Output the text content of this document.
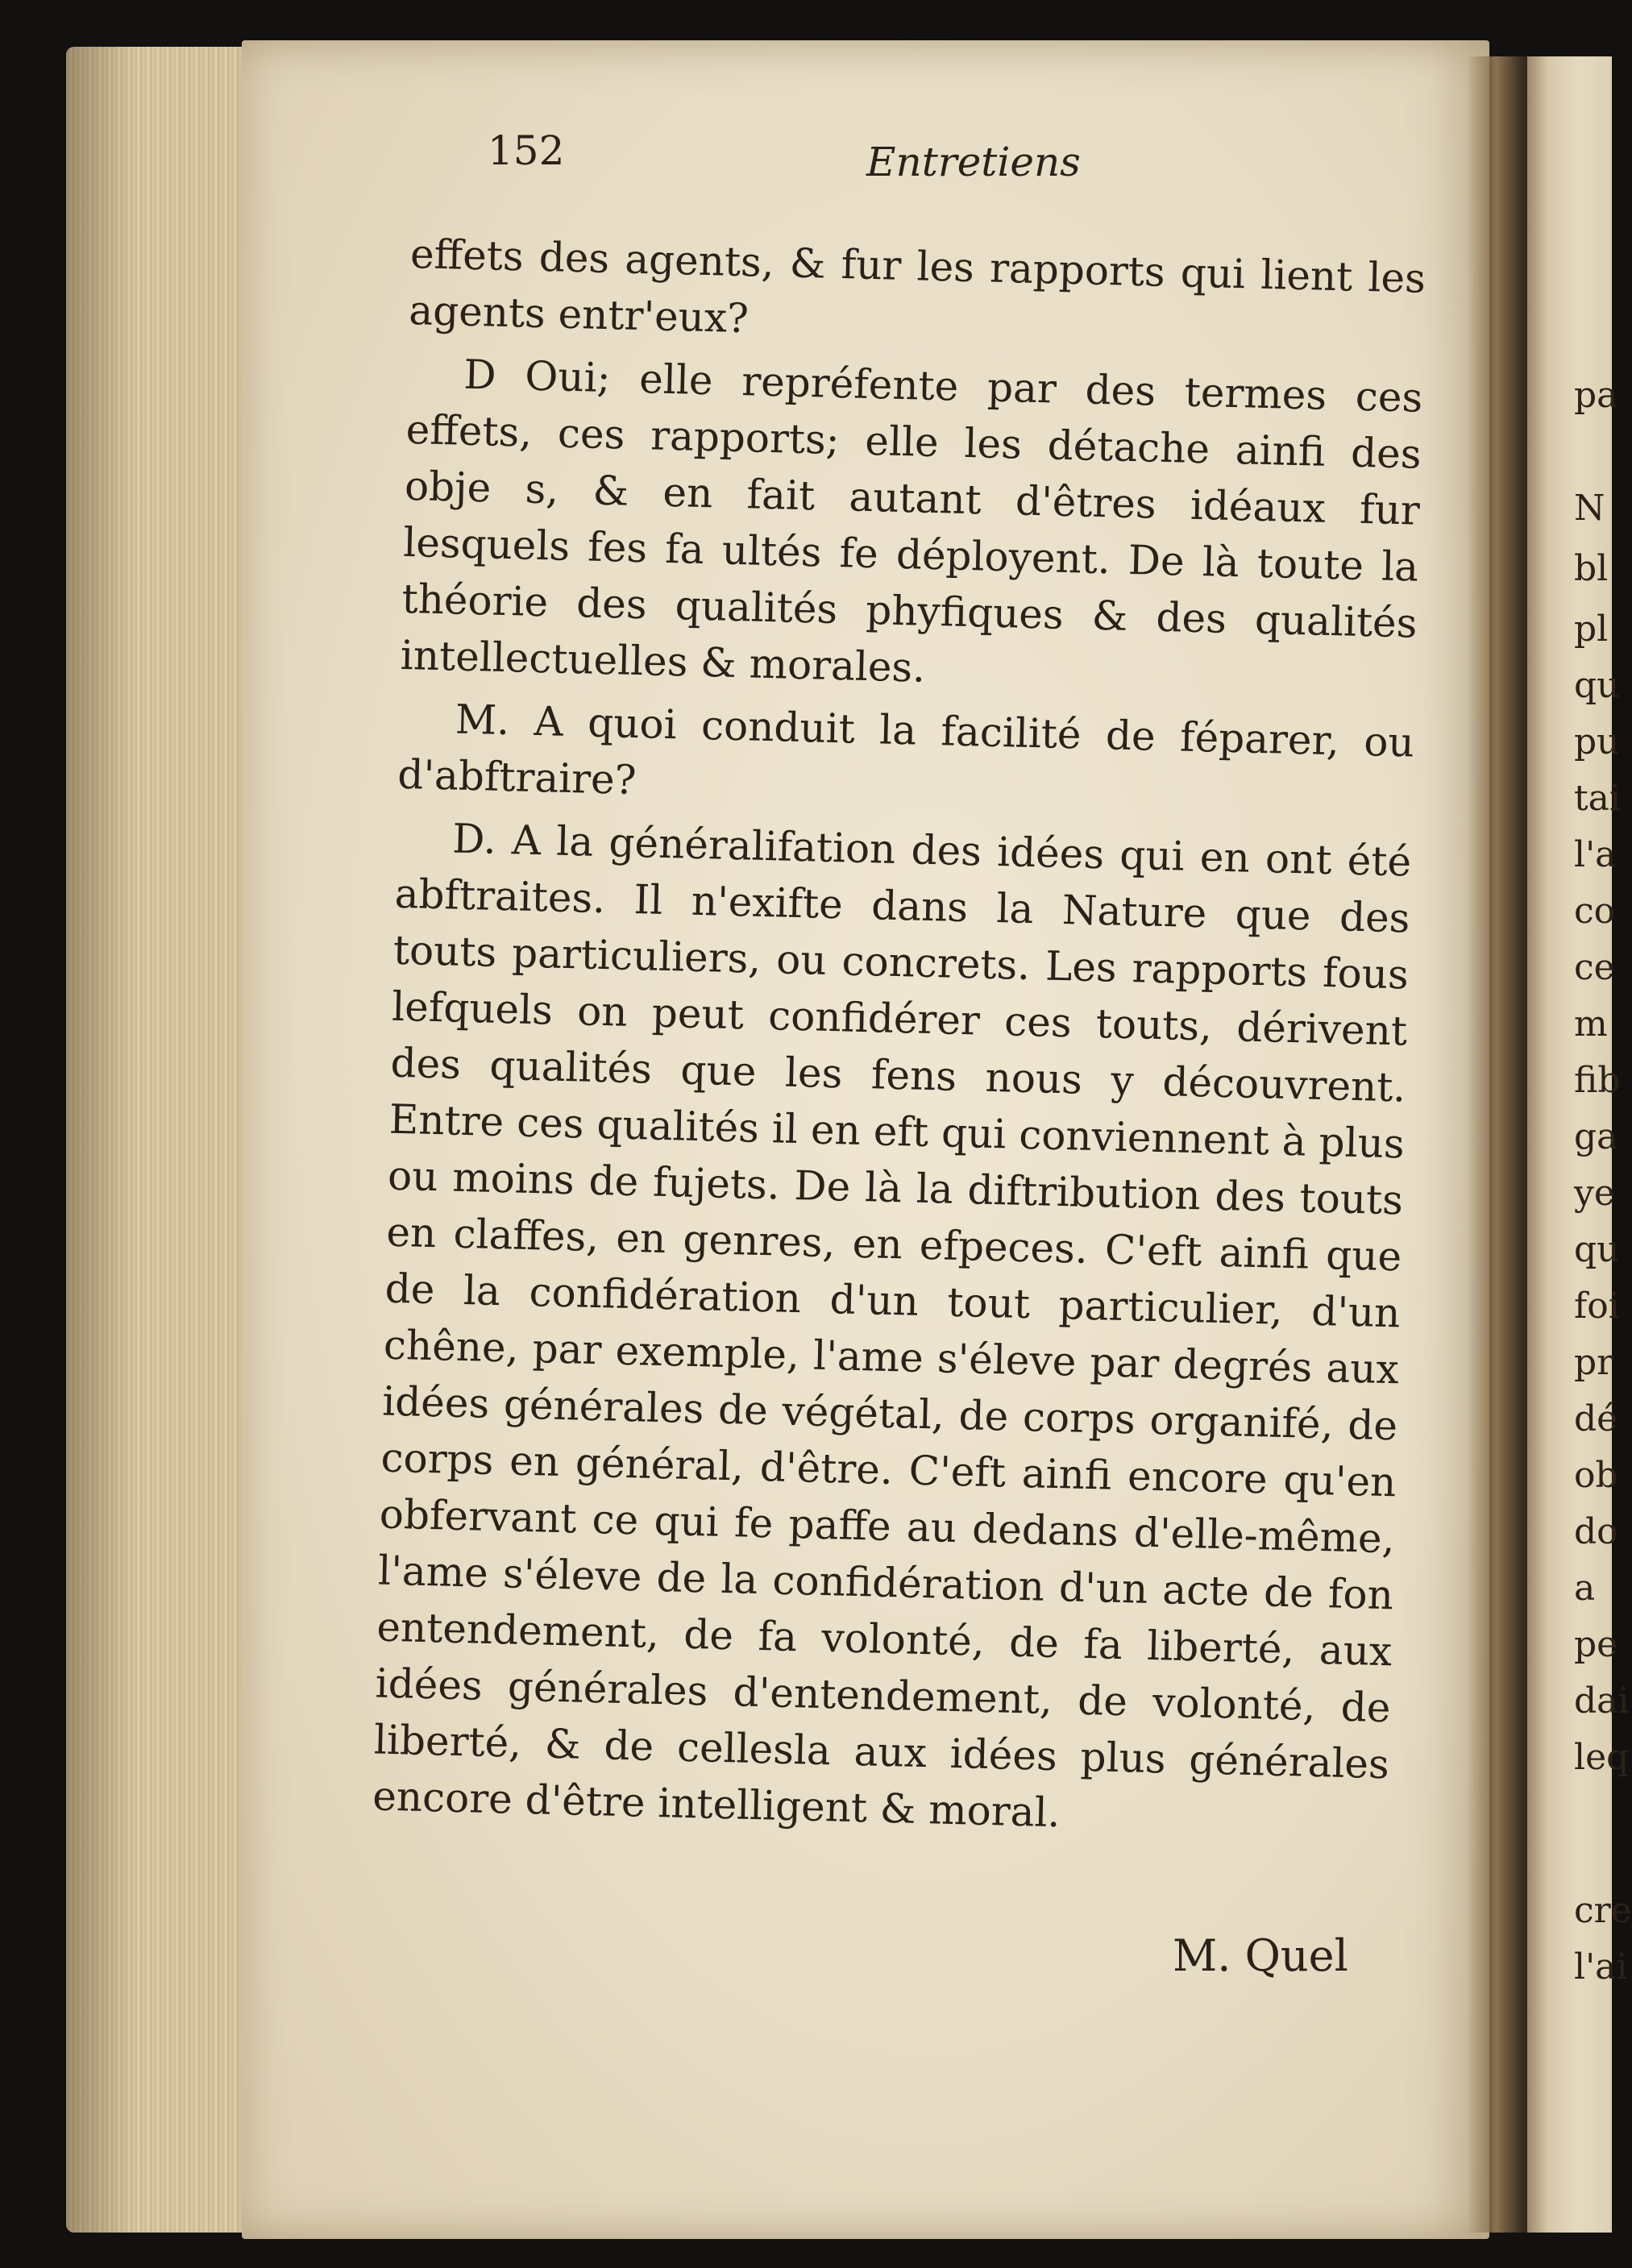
pa
N
bl
pl
qu
pu
tai
l'a
co
ce
m
fib
ga
ye
qu
foi
pr
dé
ob
do
a
pe
dai
leq
cre
l'ai
152	Entretiens

effets des agents, & fur les rapports qui lient les agents entr'eux?

D Oui; elle repréfente par des termes ces effets, ces rapports; elle les détache ainfi des obje s, & en fait autant d'êtres idéaux fur lesquels fes fa ultés fe déployent. De là toute la théorie des qualités phyfiques & des qualités intellectuelles & morales.

M. A quoi conduit la facilité de féparer, ou d'abftraire?

D. A la généralifation des idées qui en ont été abftraites. Il n'exifte dans la Nature que des touts particuliers, ou concrets. Les rapports fous lefquels on peut confidérer ces touts, dérivent des qualités que les fens nous y découvrent. Entre ces qualités il en eft qui conviennent à plus ou moins de fujets. De là la diftribution des touts en claffes, en genres, en efpeces. C'eft ainfi que de la confidération d'un tout particulier, d'un chêne, par exemple, l'ame s'éleve par degrés aux idées générales de végétal, de corps organifé, de corps en général, d'être. C'eft ainfi encore qu'en obfervant ce qui fe paffe au dedans d'elle-même, l'ame s'éleve de la confidération d'un acte de fon entendement, de fa volonté, de fa liberté, aux idées générales d'entendement, de volonté, de liberté, & de cellesla aux idées plus générales encore d'être intelligent & moral.

M. Quel
